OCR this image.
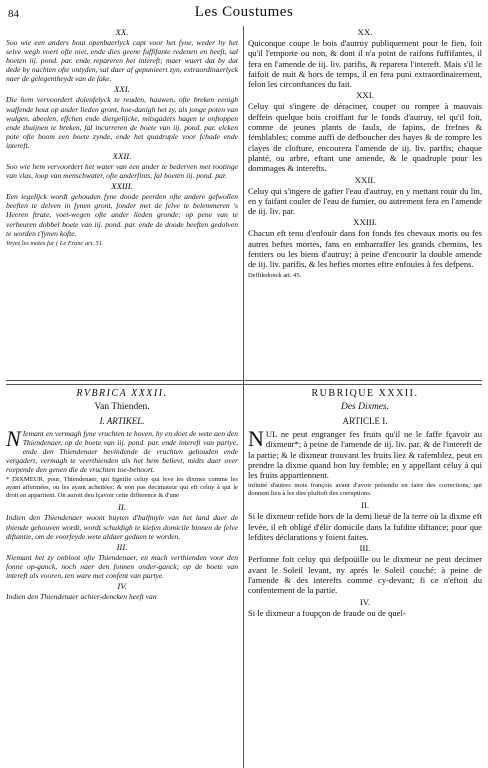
84	Les Coustumes
XX.

Soo wie een anders hout openbaerlyck capt voor het fyne, weder hy het selve wegh voert ofte niet, ende dies geene fuffifante redenen en heeft, sal boeten iij. pond. par. ende repareren het intereft; maer waert dat by dat dede by nachten ofte ontyden, sal daer af gepunieert zyn, extraordinaerlyck naer de gelegentheydt van de fake.

XXI.

Die hem vervoordert dolenfelyck te reuden, hauwen, ofte breken eenigh waffende hout op ander lieden gront, hoe-danigh het zy, als jonge poten van wulgen, abeelen, effchen ende diergelijcke, mitsgaders hagen te onftoppen ende thuijnen te breken, fal incurreren de boete van iij. pond. par. elcken pote ofte boom een boete zynde, ende het quadruple voor fchade ende intereft.

XXII.

Soo wie hem vervoordert het water van een ander te bederven met rootinge van vlas, loop van menschwater, ofte anderfints, fal boeten iij. pond. par.

XXIII.

Een iegelijck wordt gehouden fyne doode peerden ofte andere gefwollen beeften te delven in fynen gront, fonder met de felve te belemmeren 's Heeren ftrate, voet-wegen ofte ander lieden gronde; op pene van te verbeuren dobbel boete van iij. pond. par. ende de doode beeften gedolven te worden t'fynen kofte.

Veyez les motes fur ( Le Franc art. 51.

XX.

Quiconque coupe le bois d'autruy publiquement pour le fien, foit qu'il l'emporte ou non, & dont il n'a point de raifons fuffifantes, il fera en l'amende de iij. liv. parifis, & reparera l'intereft. Mais s'il le faifoit de nuit & hors de temps, il en fera puni extraordinairement, felon les circonftances du fait.

XXI.

Celuy qui s'ingere de déraciner, couper ou rompre à mauvais deffein quelque bois croiffant fur le fonds d'autruy, tel qu'il foit, comme de jeunes plants de faulx, de fapins, de frefnes & femblables; comme auffi de defboucher des hayes & de rompre les clayes de clofture, encourera l'amende de iij. liv. parifis; chaque planté, ou arbre, eftant une amende, & le quadruple pour les dommages & interefts.

XXII.

Celuy qui s'ingere de gafter l'eau d'autruy, en y mettant rouïr du lin, en y faifant couler de l'eau de fumier, ou autrement fera en l'amende de iij. liv. par.

XXIII.

Chacun eft tenu d'enfouïr dans fon fonds fes chevaux morts ou fes autres beftes mortes, fans en embarraffer les grands chemins, les fentiers ou les biens d'autruy; à peine d'encourir la double amende de iij. liv. parifis, & les beftes mortes eftre enfouïes à fes defpens.

Defftledonck art. 45.

RVBRICA XXXII.

Van Thienden.

I. ARTIKEL.

N Iemant en vermagh fyne vruchten te hoven, hy en doet de wete aen den Thiendenaer, op de boete van iij. pond. par. ende intereft van partye, ende den Thiendenaer bevindende de vruchten gehouden ende vergadert, vermagh te veerthienden als het hem believt, midts daer over roepende den genen die de vruchten toe-behoort.

* DIXMEUR, pour, Thiendenaer, qui fignifie celuy qui leve les dixmes comme les ayant affermées, ou les ayant achettées; & non pas decimateur qui eft celuy à qui le droit en appartient. On auroit deu fçavoir cette difference & d'une

II.

Indien den Thiendenaer woont buyten d'halfmyle van het land daer de thiende gehouven wordt, wordt schuldigh te kiefen domicile binnen de felve diftantie, om de voorfeyde wete aldaer gedaen te worden.

III.

Niemant het zy onbloot ofte Thiendenaer, en mach verthienden voor den fonne op-ganck, noch naer den fonnen onder-ganck; op de boete van intereft als vooren, ten ware met confent van partye.

IV.

Indien den Thiendenaer achter-dencken heeft van

RUBRIQUE XXXII.

Des Dixmes.

ARTICLE I.

NUL ne peut engranger fes fruits qu'il ne le faffe fçavoir au dixmeur*; à peine de l'amende de iij. liv. par. & de l'intereft de la partie; & le dixmeur trouvant les fruits liez & rafemblez, peut en prendre la dixme quand bon luy femble; en y appellant celuy à qui les fruits appartiennent.

infinité d'autres mots françois avant d'avoir prétendu en faire des corrections, qui donnent lieu à les dire pluftoft des corruptions.

II.

Si le dixmeur refide hors de la demi lieuë de la terre où la dixme eft levée, il eft obligé d'élir domicile dans la fufdite diftance; pour que lefdites déclarations y foient faites.

III.

Perfonne foit celuy qui defpoüille ou le dixmeur ne peut decimer avant le Soleil levant, ny aprés le Soleil couché; à peine de l'amende & des interefts comme cy-devant; fi ce n'eftoit du confentement de la partie.

IV.

Si le dixmeur a foupçon de fraude ou de quel-
